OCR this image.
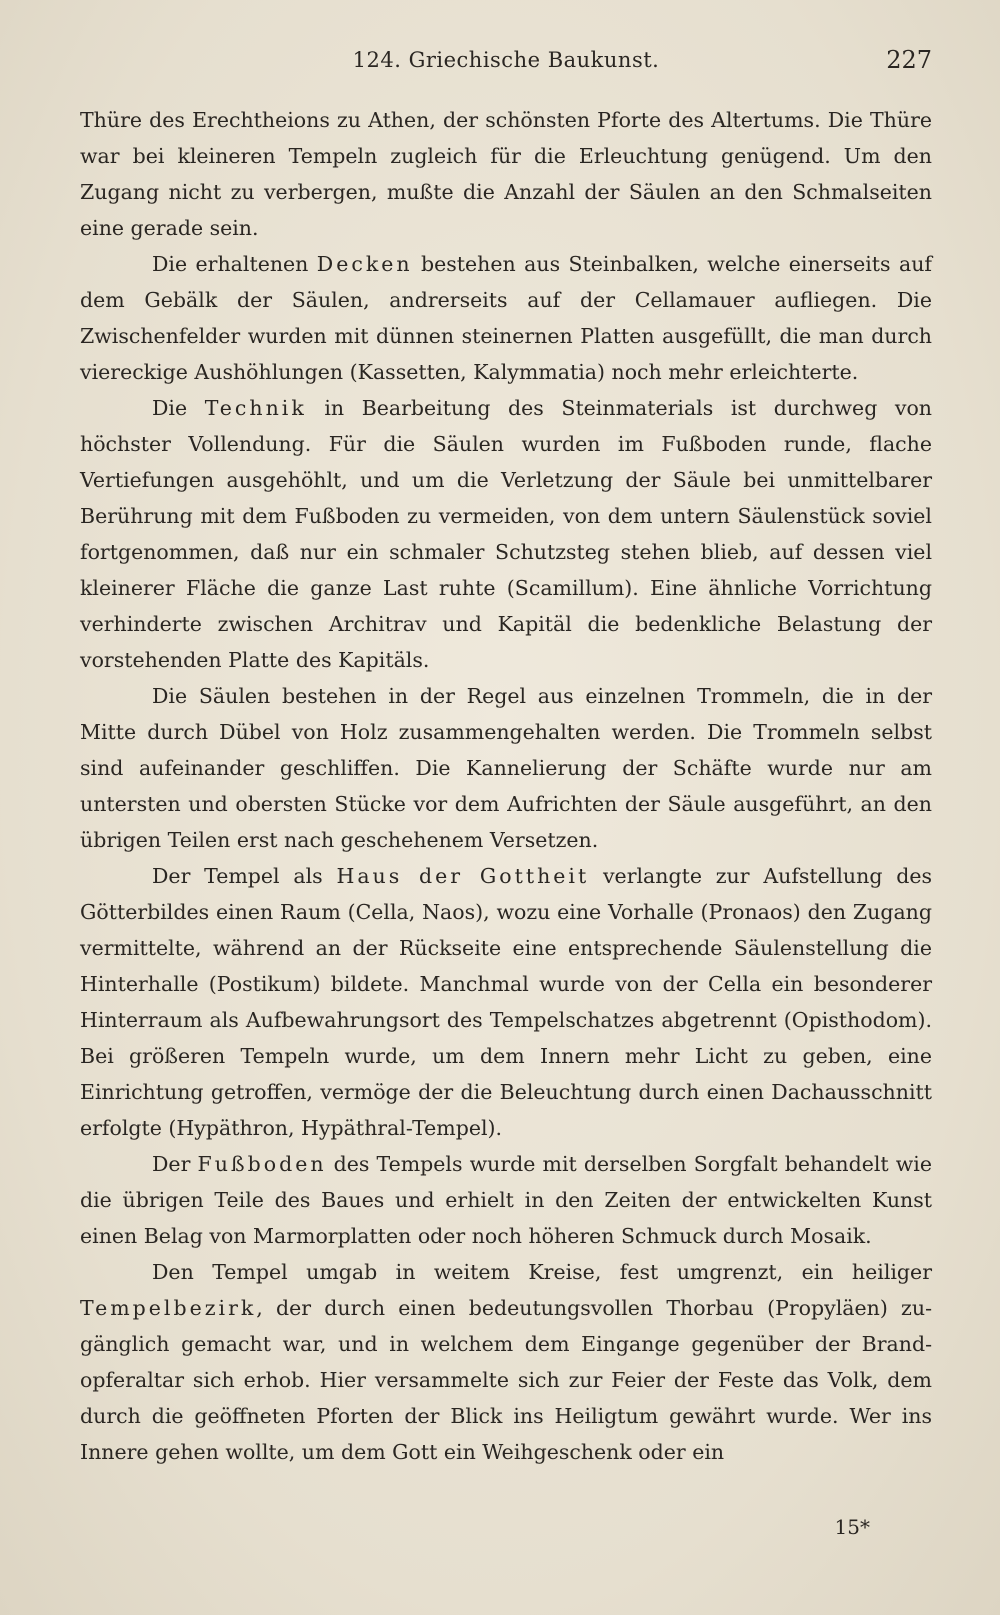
124. Griechische Baukunst.	227

Thüre des Erechtheions zu Athen, der schönsten Pforte des Altertums. Die Thüre war bei kleineren Tempeln zugleich für die Erleuchtung genügend. Um den Zugang nicht zu verbergen, mußte die Anzahl der Säulen an den Schmalseiten eine gerade sein.

Die erhaltenen Decken bestehen aus Steinbalken, welche einerseits auf dem Gebälk der Säulen, andrerseits auf der Cellamauer aufliegen. Die Zwischenfelder wurden mit dünnen steinernen Platten ausgefüllt, die man durch viereckige Aushöhlungen (Kassetten, Kalymmatia) noch mehr erleichterte.

Die Technik in Bearbeitung des Steinmaterials ist durchweg von höchster Vollendung. Für die Säulen wurden im Fußboden runde, flache Vertiefungen ausgehöhlt, und um die Verletzung der Säule bei unmittelbarer Berührung mit dem Fußboden zu vermeiden, von dem untern Säulenstück soviel fortgenommen, daß nur ein schmaler Schutzsteg stehen blieb, auf dessen viel kleinerer Fläche die ganze Last ruhte (Scamillum). Eine ähnliche Vorrichtung verhinderte zwischen Architrav und Kapitäl die bedenkliche Belastung der vorstehenden Platte des Kapitäls.

Die Säulen bestehen in der Regel aus einzelnen Trommeln, die in der Mitte durch Dübel von Holz zusammengehalten werden. Die Trommeln selbst sind aufeinander geschliffen. Die Kannelierung der Schäfte wurde nur am untersten und obersten Stücke vor dem Aufrichten der Säule ausgeführt, an den übrigen Teilen erst nach geschehenem Versetzen.

Der Tempel als Haus der Gottheit verlangte zur Aufstellung des Götterbildes einen Raum (Cella, Naos), wozu eine Vorhalle (Pronaos) den Zugang vermittelte, während an der Rückseite eine entsprechende Säulenstellung die Hinterhalle (Postikum) bildete. Manchmal wurde von der Cella ein besonderer Hinterraum als Aufbewahrungsort des Tempelschatzes abgetrennt (Opisthodom). Bei größeren Tempeln wurde, um dem Innern mehr Licht zu geben, eine Einrichtung getroffen, vermöge der die Beleuchtung durch einen Dachausschnitt erfolgte (Hypäthron, Hypäthral-Tempel).

Der Fußboden des Tempels wurde mit derselben Sorgfalt behandelt wie die übrigen Teile des Baues und erhielt in den Zeiten der entwickelten Kunst einen Belag von Marmorplatten oder noch höheren Schmuck durch Mosaik.

Den Tempel umgab in weitem Kreise, fest umgrenzt, ein heiliger Tempelbezirk, der durch einen bedeutungsvollen Thorbau (Propyläen) zugänglich gemacht war, und in welchem dem Eingange gegenüber der Brandopferaltar sich erhob. Hier versammelte sich zur Feier der Feste das Volk, dem durch die geöffneten Pforten der Blick ins Heiligtum gewährt wurde. Wer ins Innere gehen wollte, um dem Gott ein Weihgeschenk oder ein

15*
